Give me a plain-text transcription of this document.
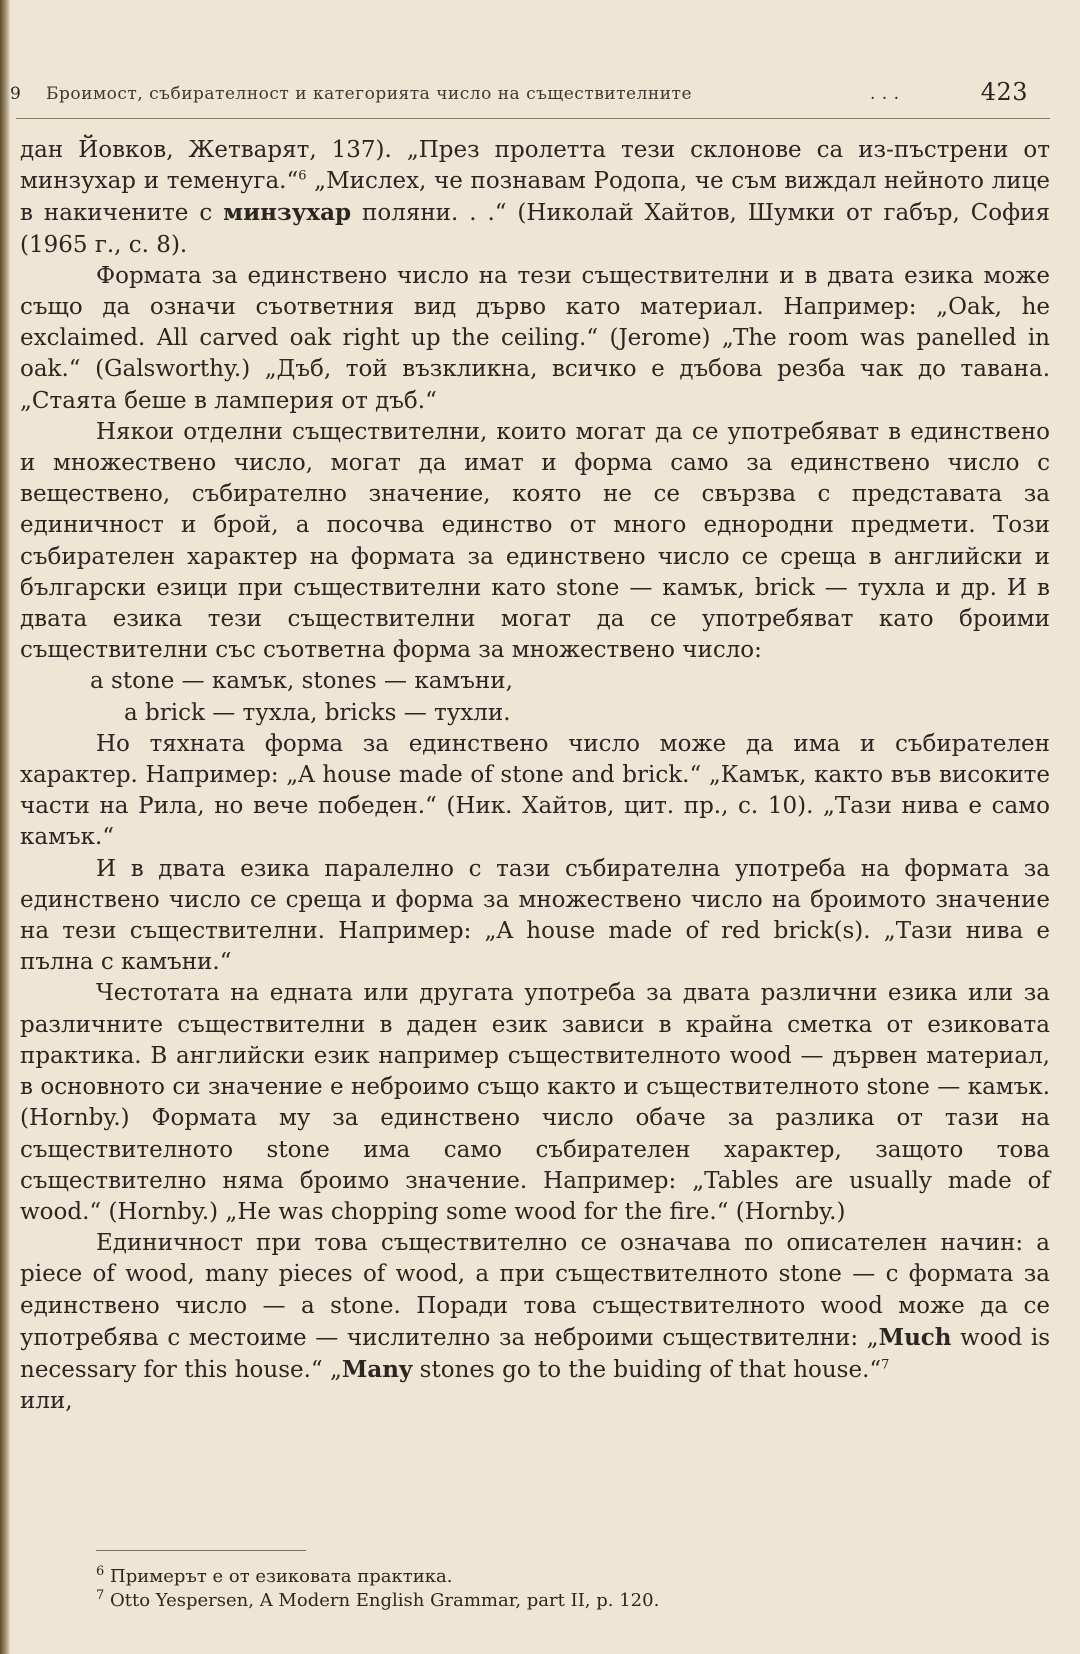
9 Броимост, събирателност и категорията число на съществителните	. . .	423

дан Йовков, Жетварят, 137). „През пролетта тези склонове са из-пъстрени от минзухар и теменуга.“$^6$ „Мислех, че познавам Родопа, че съм виждал нейното лице в накичените с минзухар поляни. . .“ (Николай Хайтов, Шумки от габър, София (1965 г., с. 8).

Формата за единствено число на тези съществителни и в двата езика може също да означи съответния вид дърво като материал. Например: „Oak, he exclaimed. All carved oak right up the ceiling.“ (Jerome) „The room was panelled in oak.“ (Galsworthy.) „Дъб, той възкликна, всичко е дъбова резба чак до тавана. „Стаята беше в ламперия от дъб.“

Някои отделни съществителни, които могат да се употребяват в единствено и множествено число, могат да имат и форма само за единствено число с веществено, събирателно значение, която не се свързва с представата за единичност и брой, а посочва единство от много еднородни предмети. Този събирателен характер на формата за единствено число се среща в английски и български езици при съществителни като stone — камък, brick — тухла и др. И в двата езика тези съществителни могат да се употребяват като броими съществителни със съответна форма за множествено число:

a stone — камък, stones — камъни,

a brick — тухла, bricks — тухли.

Но тяхната форма за единствено число може да има и събирателен характер. Например: „A house made of stone and brick.“ „Камък, както във високите части на Рила, но вече победен.“ (Ник. Хайтов, цит. пр., с. 10). „Тази нива е само камък.“

И в двата езика паралелно с тази събирателна употреба на формата за единствено число се среща и форма за множествено число на броимото значение на тези съществителни. Например: „A house made of red brick(s). „Тази нива е пълна с камъни.“

Честотата на едната или другата употреба за двата различни езика или за различните съществителни в даден език зависи в крайна сметка от езиковата практика. В английски език например съществителното wood — дървен материал, в основното си значение е неброимо също както и съществителното stone — камък. (Hornby.) Формата му за единствено число обаче за разлика от тази на съществителното stone има само събирателен характер, защото това съществително няма броимо значение. Например: „Tables are usually made of wood.“ (Hornby.) „He was chopping some wood for the fire.“ (Hornby.)

Единичност при това съществително се означава по описателен начин: a piece of wood, many pieces of wood, а при съществителното stone — с формата за единствено число — a stone. Поради това съществителното wood може да се употребява с местоиме — числително за неброими съществителни: „Much wood is necessary for this house.“ „Many stones go to the buiding of that house.“$^7$

или,

$^6$ Примерът е от езиковата практика.

$^7$ Otto Yespersen, A Modern English Grammar, part II, p. 120.
